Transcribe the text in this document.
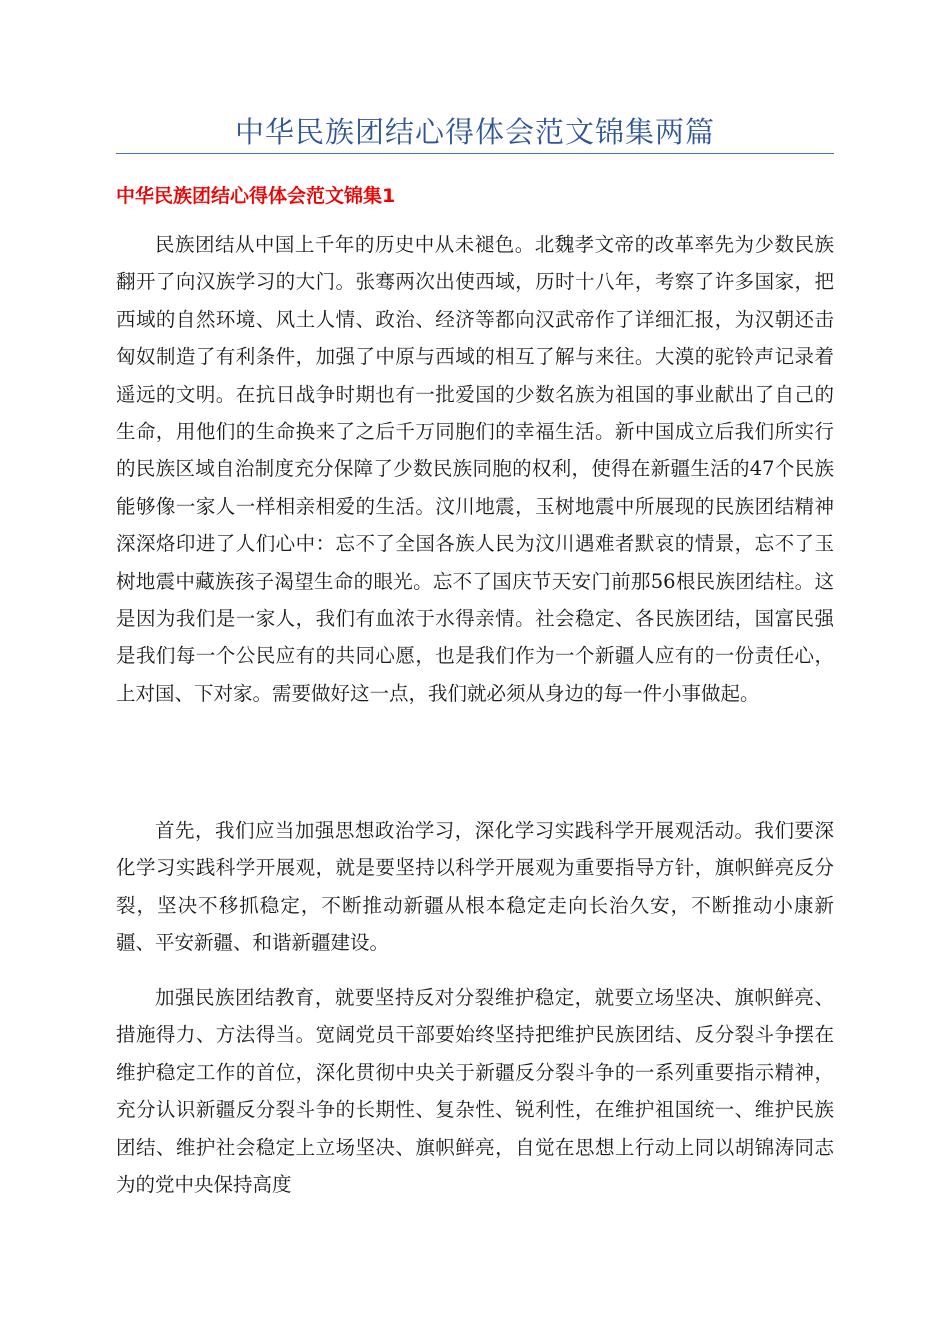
中华民族团结心得体会范文锦集两篇
中华民族团结心得体会范文锦集1

民族团结从中国上千年的历史中从未褪色。北魏孝文帝的改革率先为少数民族翻开了向汉族学习的大门。张骞两次出使西域，历时十八年，考察了许多国家，把西域的自然环境、风土人情、政治、经济等都向汉武帝作了详细汇报，为汉朝还击匈奴制造了有利条件，加强了中原与西域的相互了解与来往。大漠的驼铃声记录着遥远的文明。在抗日战争时期也有一批爱国的少数名族为祖国的事业献出了自己的生命，用他们的生命换来了之后千万同胞们的幸福生活。新中国成立后我们所实行的民族区域自治制度充分保障了少数民族同胞的权利，使得在新疆生活的47个民族能够像一家人一样相亲相爱的生活。汶川地震，玉树地震中所展现的民族团结精神深深烙印进了人们心中：忘不了全国各族人民为汶川遇难者默哀的情景，忘不了玉树地震中藏族孩子渴望生命的眼光。忘不了国庆节天安门前那56根民族团结柱。这是因为我们是一家人，我们有血浓于水得亲情。社会稳定、各民族团结，国富民强是我们每一个公民应有的共同心愿，也是我们作为一个新疆人应有的一份责任心，上对国、下对家。需要做好这一点，我们就必须从身边的每一件小事做起。

首先，我们应当加强思想政治学习，深化学习实践科学开展观活动。我们要深化学习实践科学开展观，就是要坚持以科学开展观为重要指导方针，旗帜鲜亮反分裂，坚决不移抓稳定，不断推动新疆从根本稳定走向长治久安，不断推动小康新疆、平安新疆、和谐新疆建设。

加强民族团结教育，就要坚持反对分裂维护稳定，就要立场坚决、旗帜鲜亮、措施得力、方法得当。宽阔党员干部要始终坚持把维护民族团结、反分裂斗争摆在维护稳定工作的首位，深化贯彻中央关于新疆反分裂斗争的一系列重要指示精神，充分认识新疆反分裂斗争的长期性、复杂性、锐利性，在维护祖国统一、维护民族团结、维护社会稳定上立场坚决、旗帜鲜亮，自觉在思想上行动上同以胡锦涛同志为的党中央保持高度
